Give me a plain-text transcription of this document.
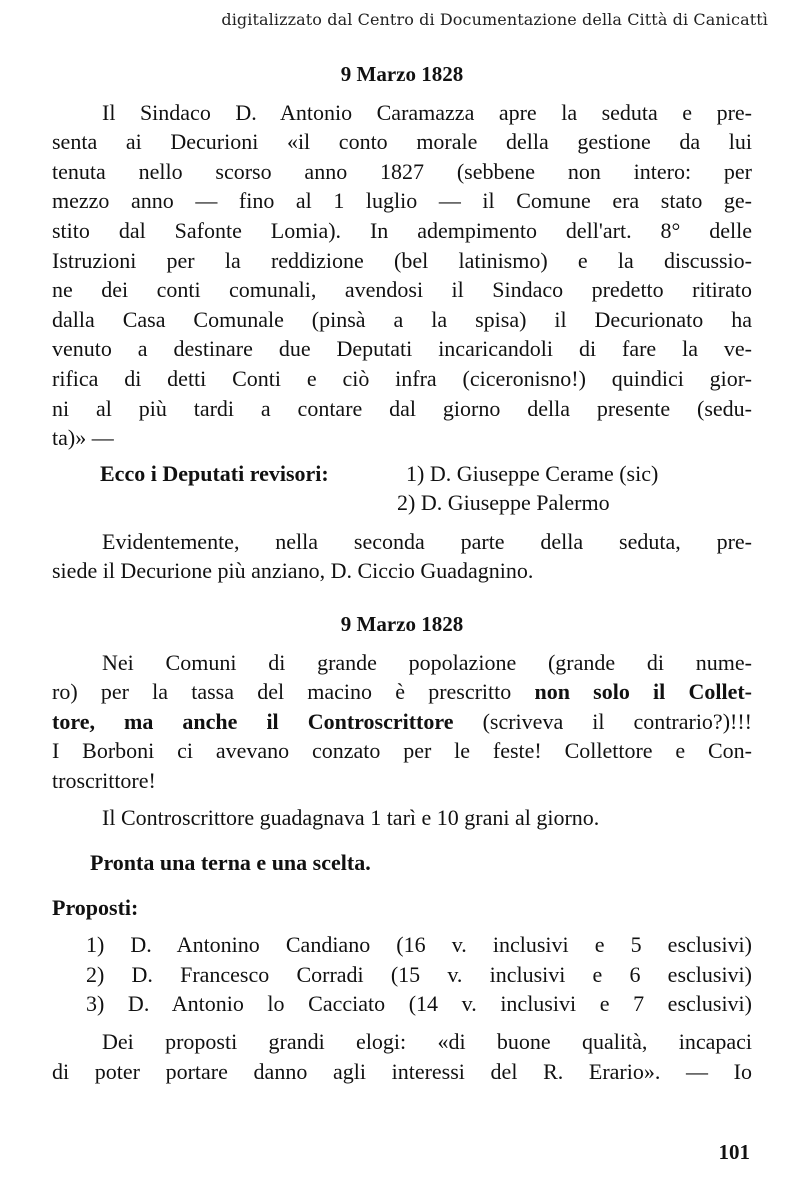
digitalizzato dal Centro di Documentazione della Città di Canicattì
9 Marzo 1828
Il Sindaco D. Antonio Caramazza apre la seduta e pre-
senta ai Decurioni «il conto morale della gestione da lui
tenuta nello scorso anno 1827 (sebbene non intero: per
mezzo anno — fino al 1 luglio — il Comune era stato ge-
stito dal Safonte Lomia). In adempimento dell'art. 8° delle
Istruzioni per la reddizione (bel latinismo) e la discussio-
ne dei conti comunali, avendosi il Sindaco predetto ritirato
dalla Casa Comunale (pinsà a la spisa) il Decurionato ha
venuto a destinare due Deputati incaricandoli di fare la ve-
rifica di detti Conti e ciò infra (ciceronisno!) quindici gior-
ni al più tardi a contare dal giorno della presente (sedu-
ta)» —
Ecco i Deputati revisori:	1) D. Giuseppe Cerame (sic)
2) D. Giuseppe Palermo
Evidentemente, nella seconda parte della seduta, pre-
siede il Decurione più anziano, D. Ciccio Guadagnino.
9 Marzo 1828
Nei Comuni di grande popolazione (grande di nume-
ro) per la tassa del macino è prescritto non solo il Collet-
tore, ma anche il Controscrittore (scriveva il contrario?)!!!
I Borboni ci avevano conzato per le feste! Collettore e Con-
troscrittore!
Il Controscrittore guadagnava 1 tarì e 10 grani al giorno.
Pronta una terna e una scelta.
Proposti:
1) D. Antonino Candiano (16 v. inclusivi e 5 esclusivi)
2) D. Francesco Corradi (15 v. inclusivi e 6 esclusivi)
3) D. Antonio lo Cacciato (14 v. inclusivi e 7 esclusivi)
Dei proposti grandi elogi: «di buone qualità, incapaci
di poter portare danno agli interessi del R. Erario». — Io
101
